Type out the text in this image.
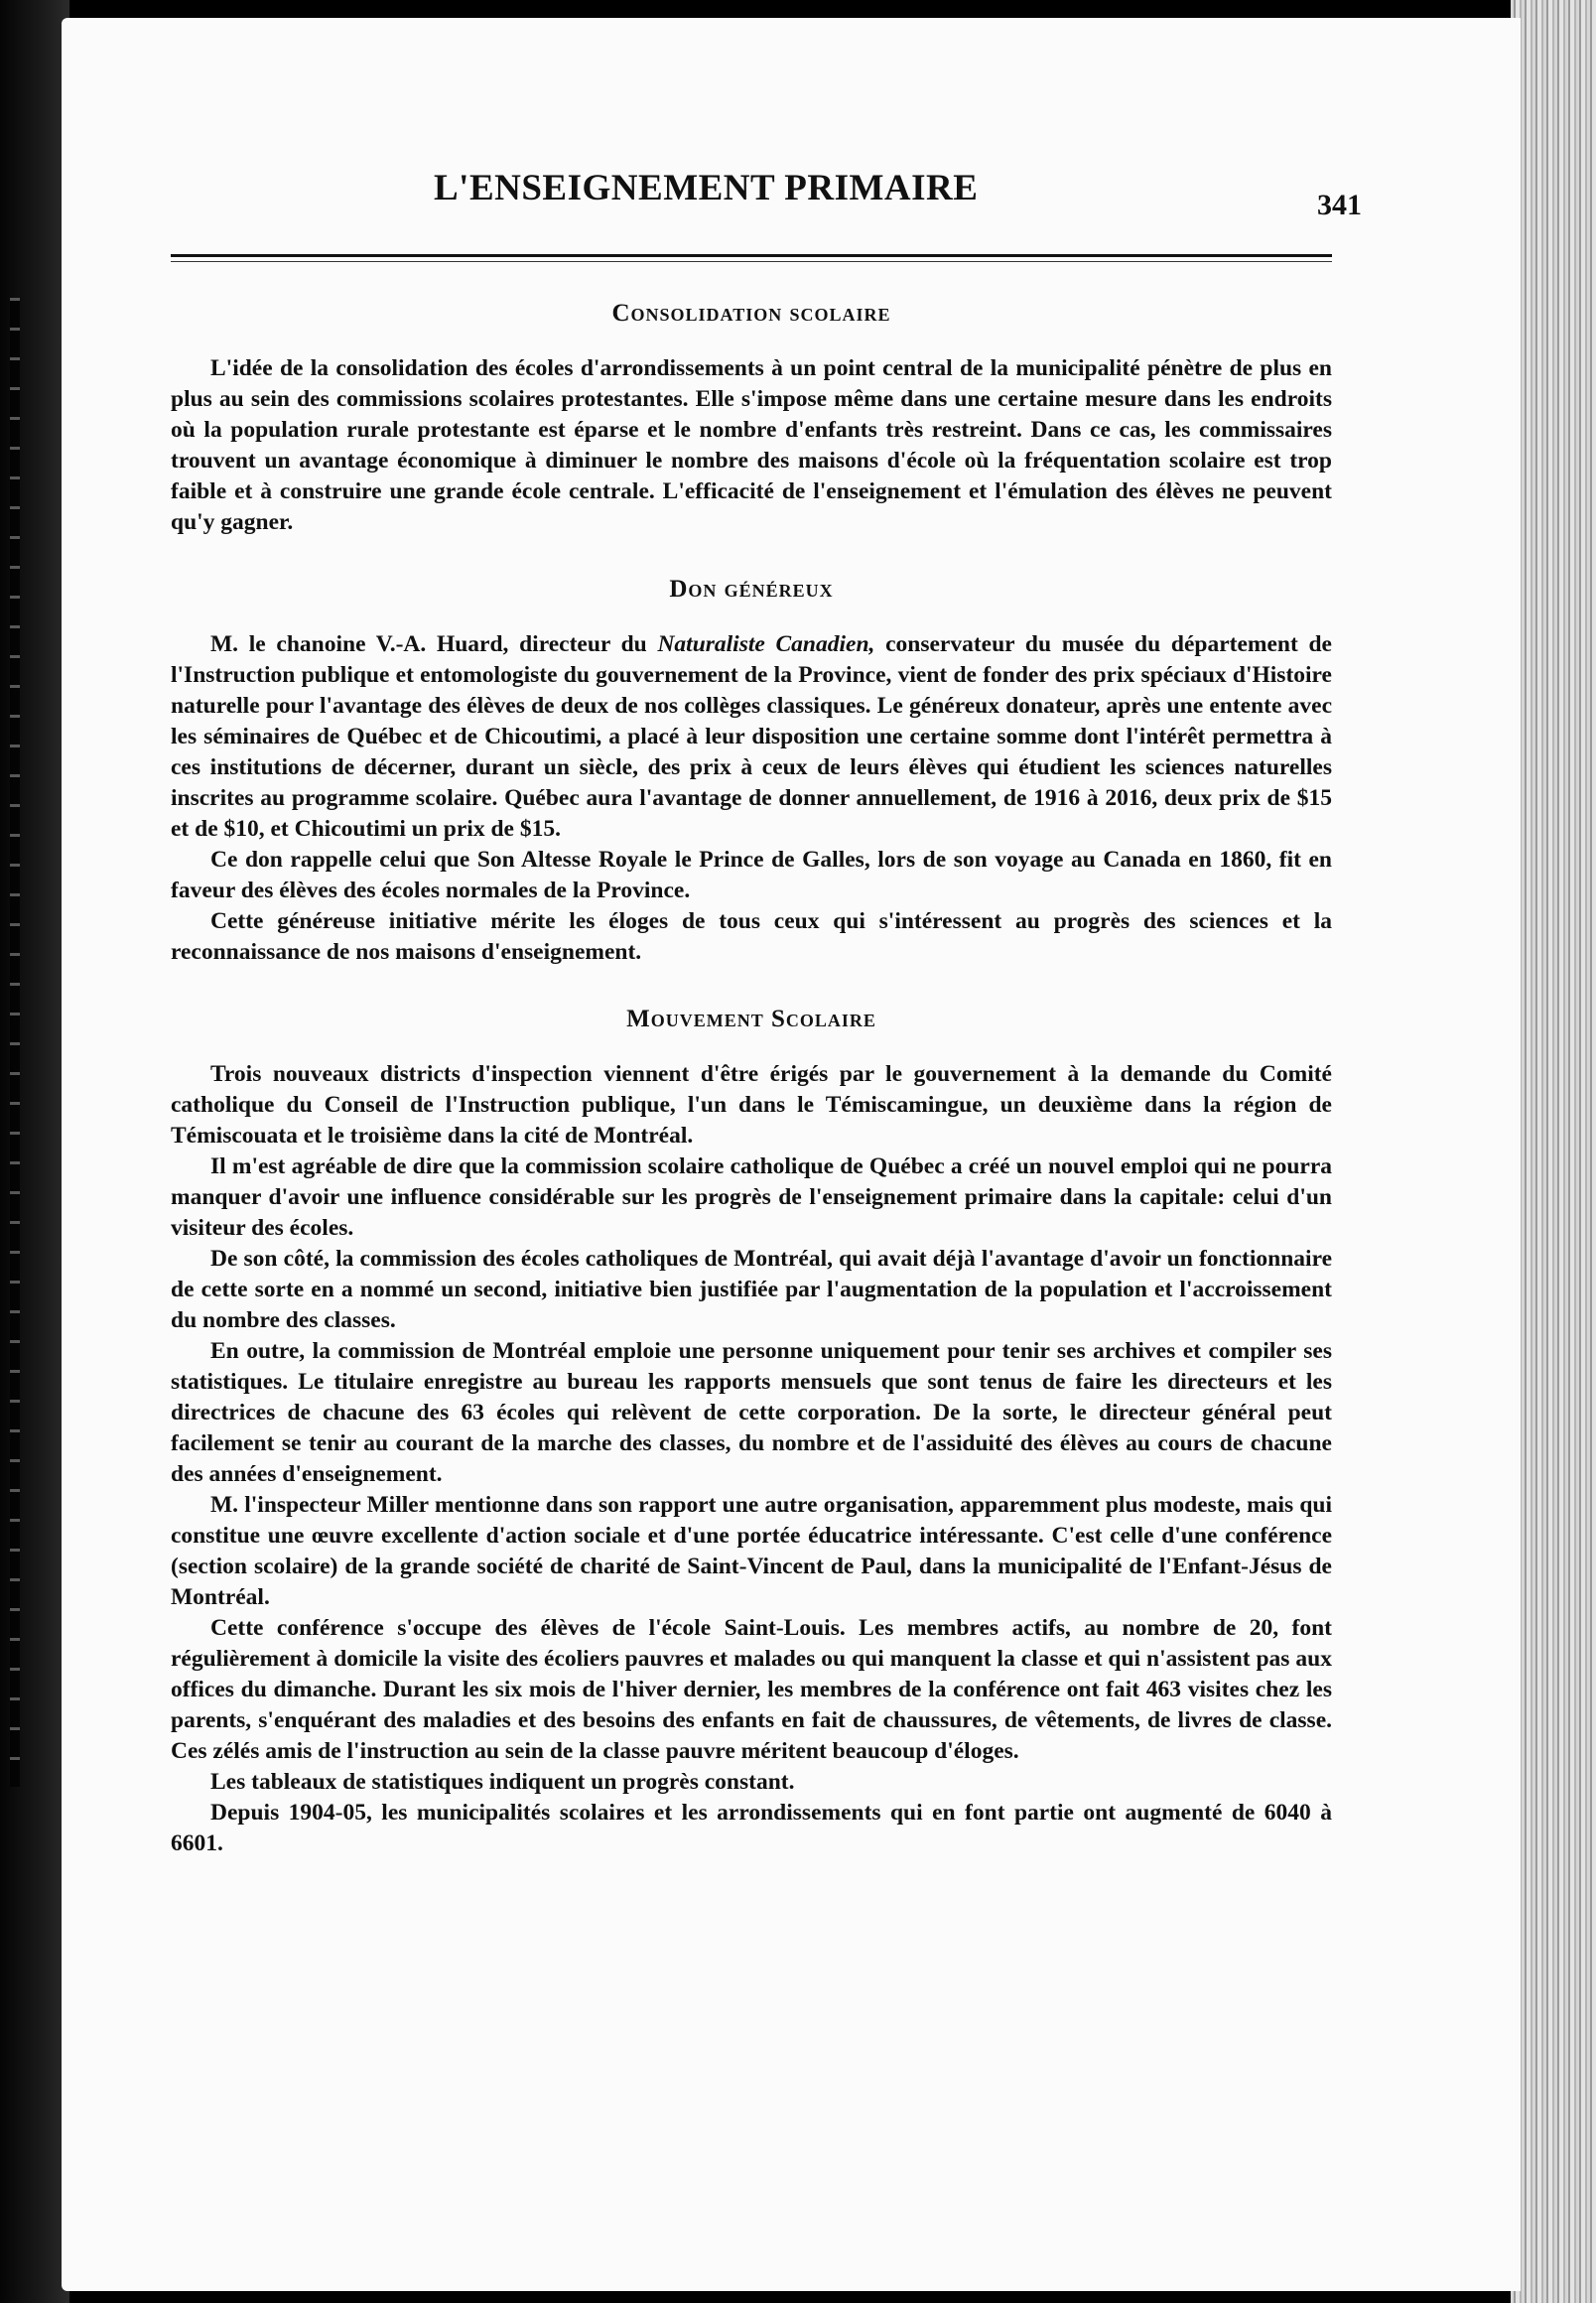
L'ENSEIGNEMENT PRIMAIRE	341
Consolidation scolaire

L'idée de la consolidation des écoles d'arrondissements à un point central de la municipalité pénètre de plus en plus au sein des commissions scolaires protestantes. Elle s'impose même dans une certaine mesure dans les endroits où la population rurale protestante est éparse et le nombre d'enfants très restreint. Dans ce cas, les commissaires trouvent un avantage économique à diminuer le nombre des maisons d'école où la fréquentation scolaire est trop faible et à construire une grande école centrale. L'efficacité de l'enseignement et l'émulation des élèves ne peuvent qu'y gagner.

Don généreux

M. le chanoine V.-A. Huard, directeur du Naturaliste Canadien, conservateur du musée du département de l'Instruction publique et entomologiste du gouvernement de la Province, vient de fonder des prix spéciaux d'Histoire naturelle pour l'avantage des élèves de deux de nos collèges classiques. Le généreux donateur, après une entente avec les séminaires de Québec et de Chicoutimi, a placé à leur disposition une certaine somme dont l'intérêt permettra à ces institutions de décerner, durant un siècle, des prix à ceux de leurs élèves qui étudient les sciences naturelles inscrites au programme scolaire. Québec aura l'avantage de donner annuellement, de 1916 à 2016, deux prix de $15 et de $10, et Chicoutimi un prix de $15.

Ce don rappelle celui que Son Altesse Royale le Prince de Galles, lors de son voyage au Canada en 1860, fit en faveur des élèves des écoles normales de la Province.

Cette généreuse initiative mérite les éloges de tous ceux qui s'intéressent au progrès des sciences et la reconnaissance de nos maisons d'enseignement.

Mouvement Scolaire

Trois nouveaux districts d'inspection viennent d'être érigés par le gouvernement à la demande du Comité catholique du Conseil de l'Instruction publique, l'un dans le Témiscamingue, un deuxième dans la région de Témiscouata et le troisième dans la cité de Montréal.

Il m'est agréable de dire que la commission scolaire catholique de Québec a créé un nouvel emploi qui ne pourra manquer d'avoir une influence considérable sur les progrès de l'enseignement primaire dans la capitale: celui d'un visiteur des écoles.

De son côté, la commission des écoles catholiques de Montréal, qui avait déjà l'avantage d'avoir un fonctionnaire de cette sorte en a nommé un second, initiative bien justifiée par l'augmentation de la population et l'accroissement du nombre des classes.

En outre, la commission de Montréal emploie une personne uniquement pour tenir ses archives et compiler ses statistiques. Le titulaire enregistre au bureau les rapports mensuels que sont tenus de faire les directeurs et les directrices de chacune des 63 écoles qui relèvent de cette corporation. De la sorte, le directeur général peut facilement se tenir au courant de la marche des classes, du nombre et de l'assiduité des élèves au cours de chacune des années d'enseignement.

M. l'inspecteur Miller mentionne dans son rapport une autre organisation, apparemment plus modeste, mais qui constitue une œuvre excellente d'action sociale et d'une portée éducatrice intéressante. C'est celle d'une conférence (section scolaire) de la grande société de charité de Saint-Vincent de Paul, dans la municipalité de l'Enfant-Jésus de Montréal.

Cette conférence s'occupe des élèves de l'école Saint-Louis. Les membres actifs, au nombre de 20, font régulièrement à domicile la visite des écoliers pauvres et malades ou qui manquent la classe et qui n'assistent pas aux offices du dimanche. Durant les six mois de l'hiver dernier, les membres de la conférence ont fait 463 visites chez les parents, s'enquérant des maladies et des besoins des enfants en fait de chaussures, de vêtements, de livres de classe. Ces zélés amis de l'instruction au sein de la classe pauvre méritent beaucoup d'éloges.

Les tableaux de statistiques indiquent un progrès constant.

Depuis 1904-05, les municipalités scolaires et les arrondissements qui en font partie ont augmenté de 6040 à 6601.
